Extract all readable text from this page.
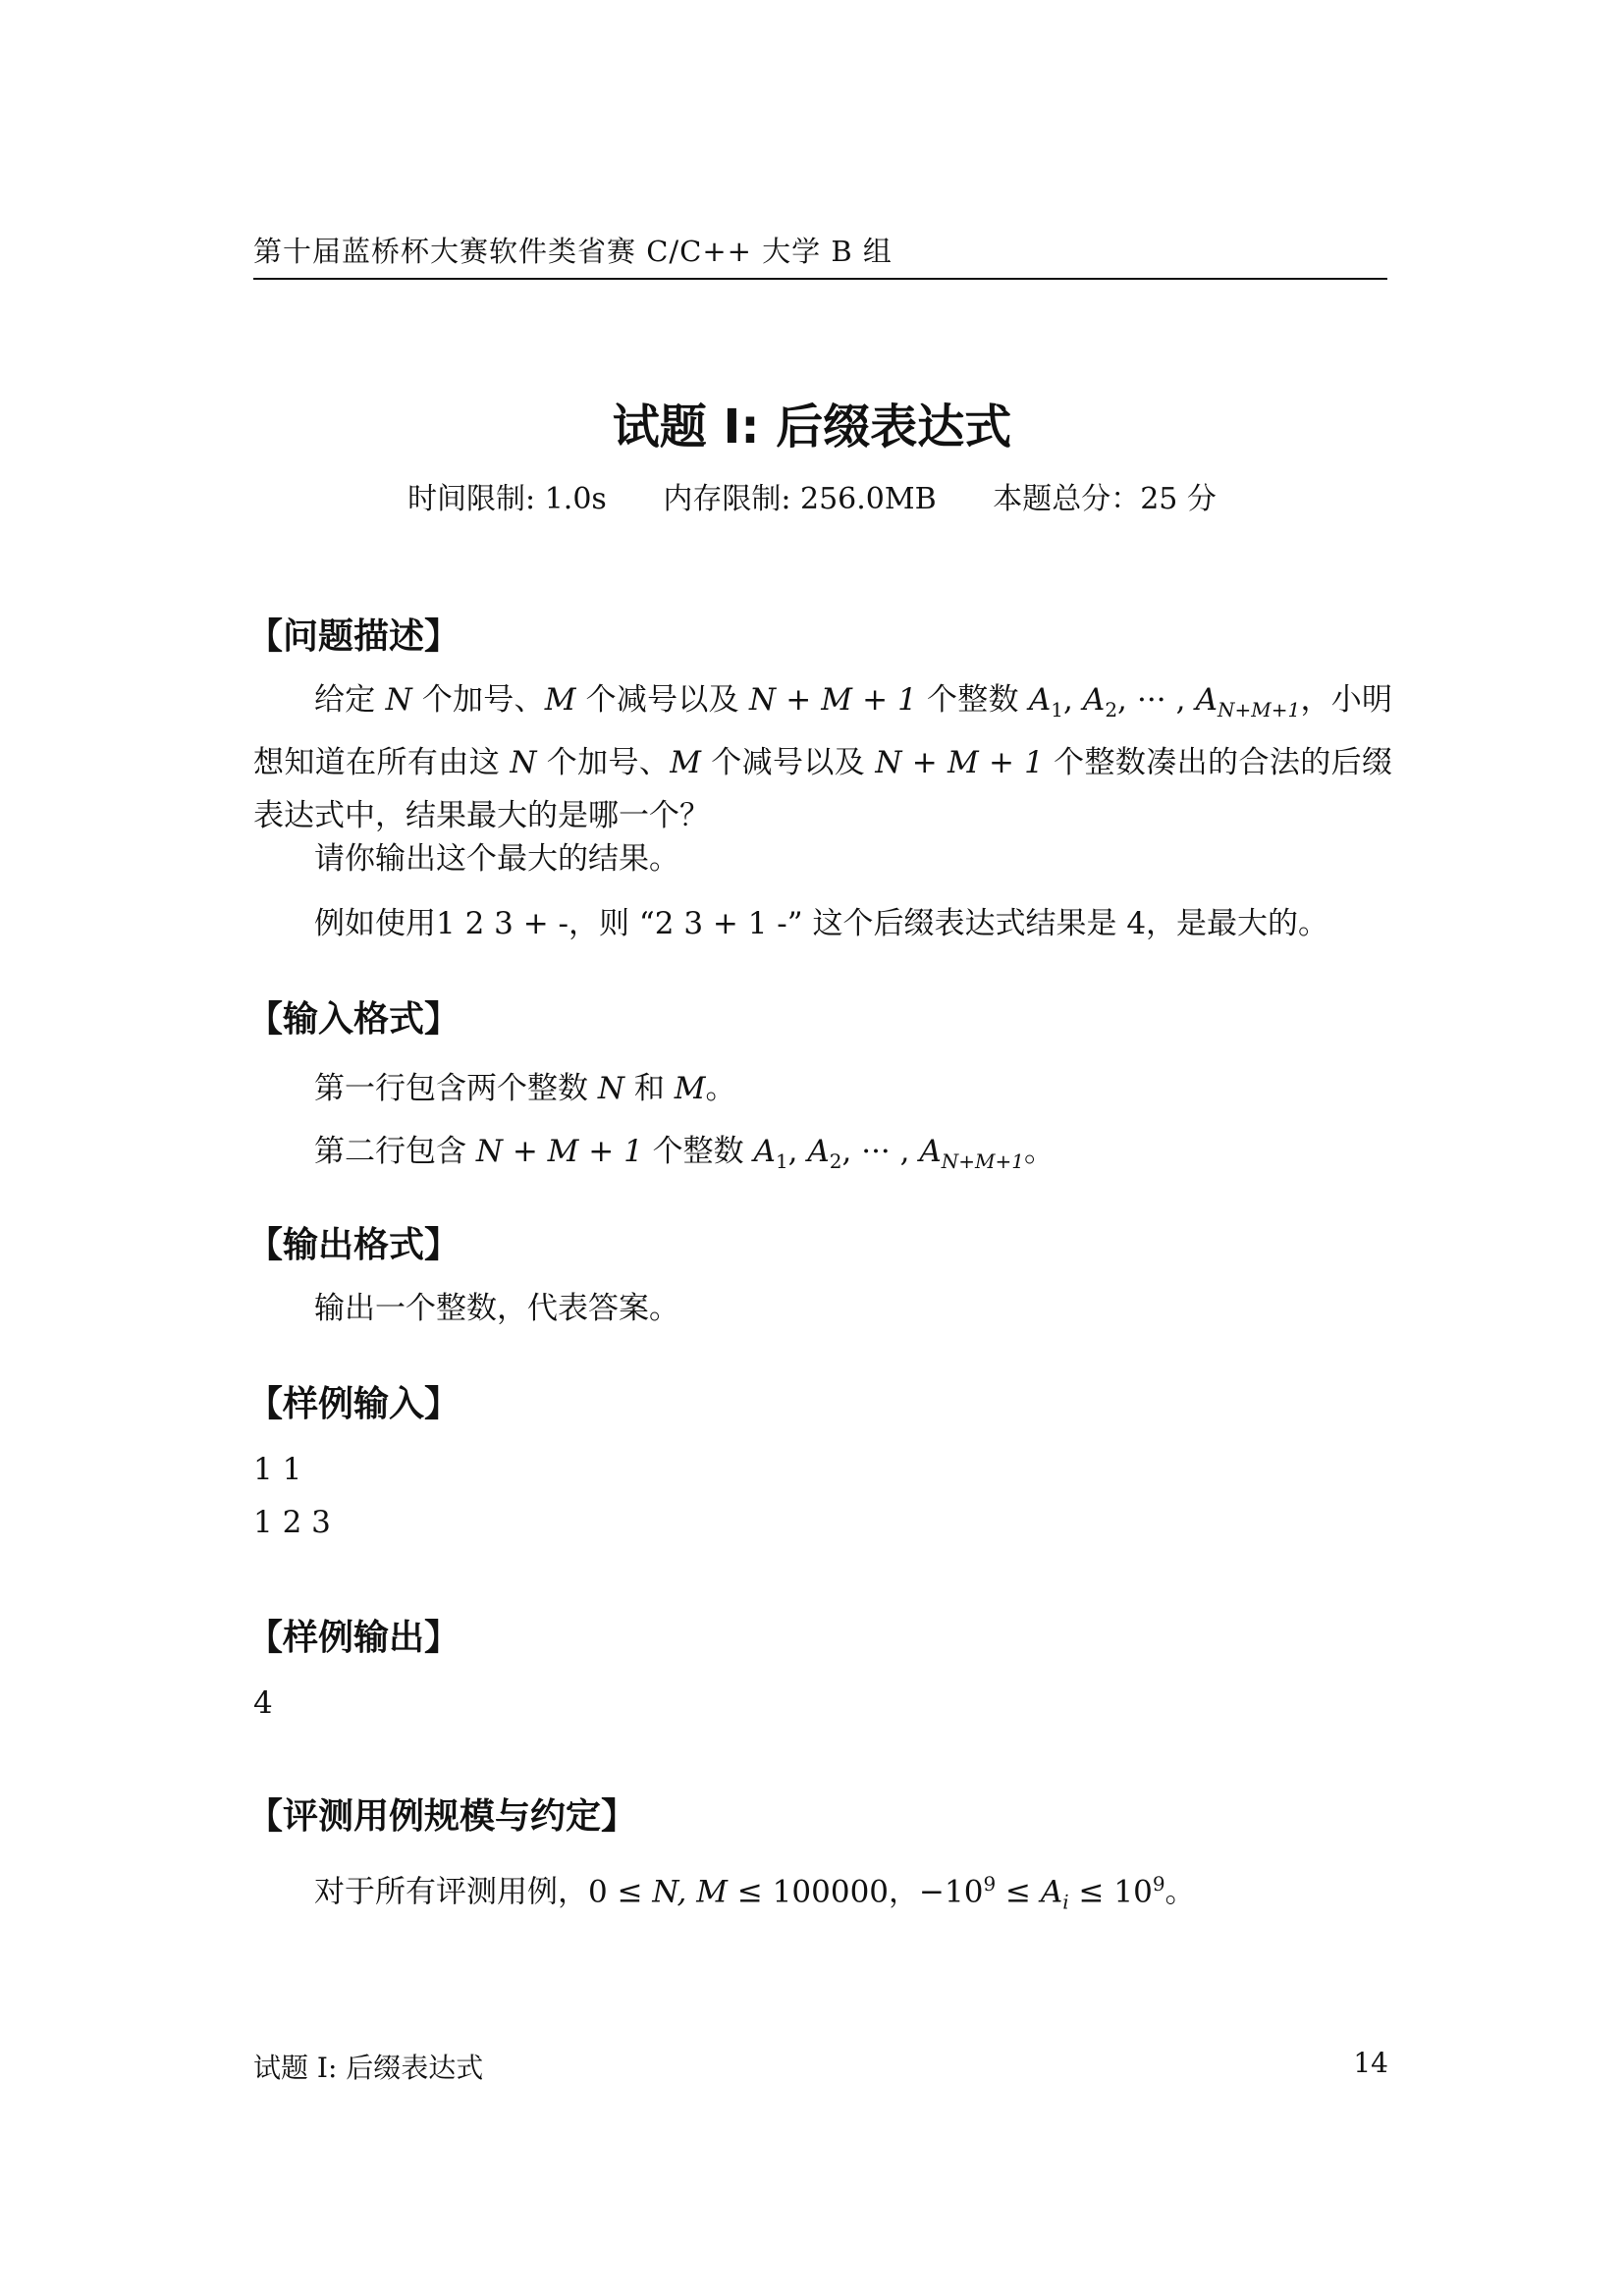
第十届蓝桥杯大赛软件类省赛 C/C++ 大学 B 组
试题 I: 后缀表达式
时间限制: 1.0s 内存限制: 256.0MB 本题总分：25 分
【问题描述】
给定 N 个加号、M 个减号以及 N + M + 1 个整数 $A_1$, $A_2$, ··· , $A_{N+M+1}$，小明想知道在所有由这 N 个加号、M 个减号以及 N + M + 1 个整数凑出的合法的后缀表达式中，结果最大的是哪一个？
请你输出这个最大的结果。
例如使用1 2 3 + -，则 “2 3 + 1 -” 这个后缀表达式结果是 4，是最大的。
【输入格式】
第一行包含两个整数 N 和 M。
第二行包含 N + M + 1 个整数 $A_1$, $A_2$, ··· , $A_{N+M+1}$。
【输出格式】
输出一个整数，代表答案。
【样例输入】
1 1
1 2 3
【样例输出】
4
【评测用例规模与约定】
对于所有评测用例，0 ≤ N, M ≤ 100000，$-10^9 \le A_i \le 10^9$。
试题 I: 后缀表达式	14
